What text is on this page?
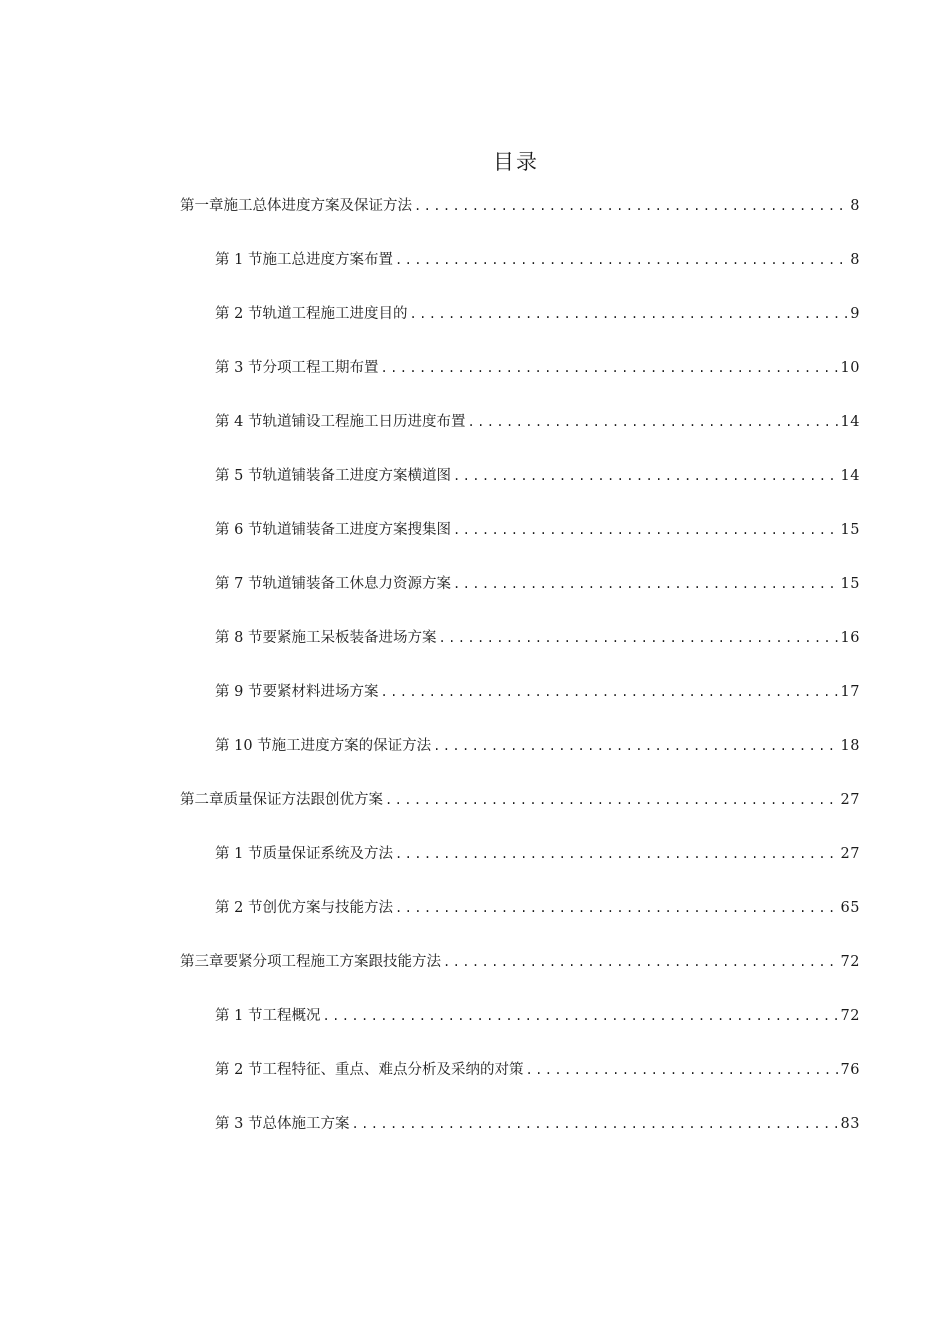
目录
第一章施工总体进度方案及保证方法 .....	8
第 1 节施工总进度方案布置 .....	8
第 2 节轨道工程施工进度目的 .....	9
第 3 节分项工程工期布置 .....	10
第 4 节轨道铺设工程施工日历进度布置 .....	14
第 5 节轨道铺装备工进度方案横道图 .....	14
第 6 节轨道铺装备工进度方案搜集图 .....	15
第 7 节轨道铺装备工休息力资源方案 .....	15
第 8 节要紧施工呆板装备进场方案 .....	16
第 9 节要紧材料进场方案 .....	17
第 10 节施工进度方案的保证方法 .....	18
第二章质量保证方法跟创优方案 .....	27
第 1 节质量保证系统及方法 .....	27
第 2 节创优方案与技能方法 .....	65
第三章要紧分项工程施工方案跟技能方法 .....	72
第 1 节工程概况 .....	72
第 2 节工程特征、重点、难点分析及采纳的对策 .....	76
第 3 节总体施工方案 .....	83
